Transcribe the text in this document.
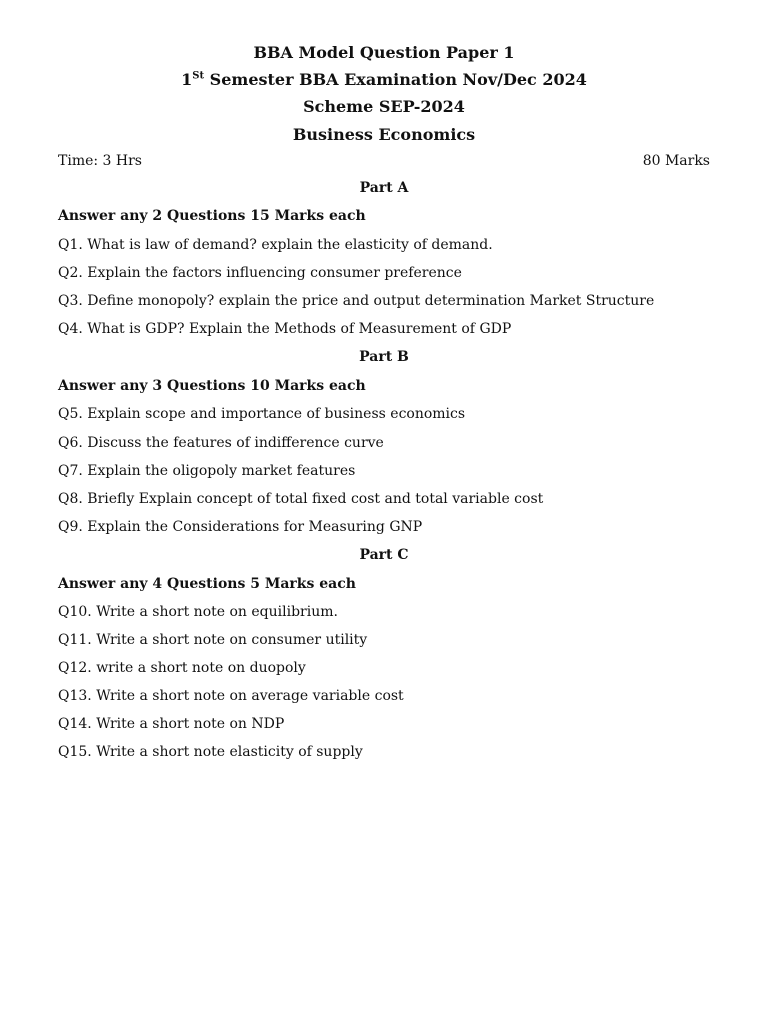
BBA Model Question Paper 1
1St Semester BBA Examination Nov/Dec 2024
Scheme SEP-2024
Business Economics
Time: 3 Hrs	80 Marks
Part A
Answer any 2 Questions 15 Marks each
Q1. What is law of demand? explain the elasticity of demand.
Q2. Explain the factors influencing consumer preference
Q3. Define monopoly? explain the price and output determination Market Structure
Q4. What is GDP? Explain the Methods of Measurement of GDP
Part B
Answer any 3 Questions 10 Marks each
Q5. Explain scope and importance of business economics
Q6. Discuss the features of indifference curve
Q7. Explain the oligopoly market features
Q8. Briefly Explain concept of total fixed cost and total variable cost
Q9. Explain the Considerations for Measuring GNP
Part C
Answer any 4 Questions 5 Marks each
Q10. Write a short note on equilibrium.
Q11. Write a short note on consumer utility
Q12. write a short note on duopoly
Q13. Write a short note on average variable cost
Q14. Write a short note on NDP
Q15. Write a short note elasticity of supply
